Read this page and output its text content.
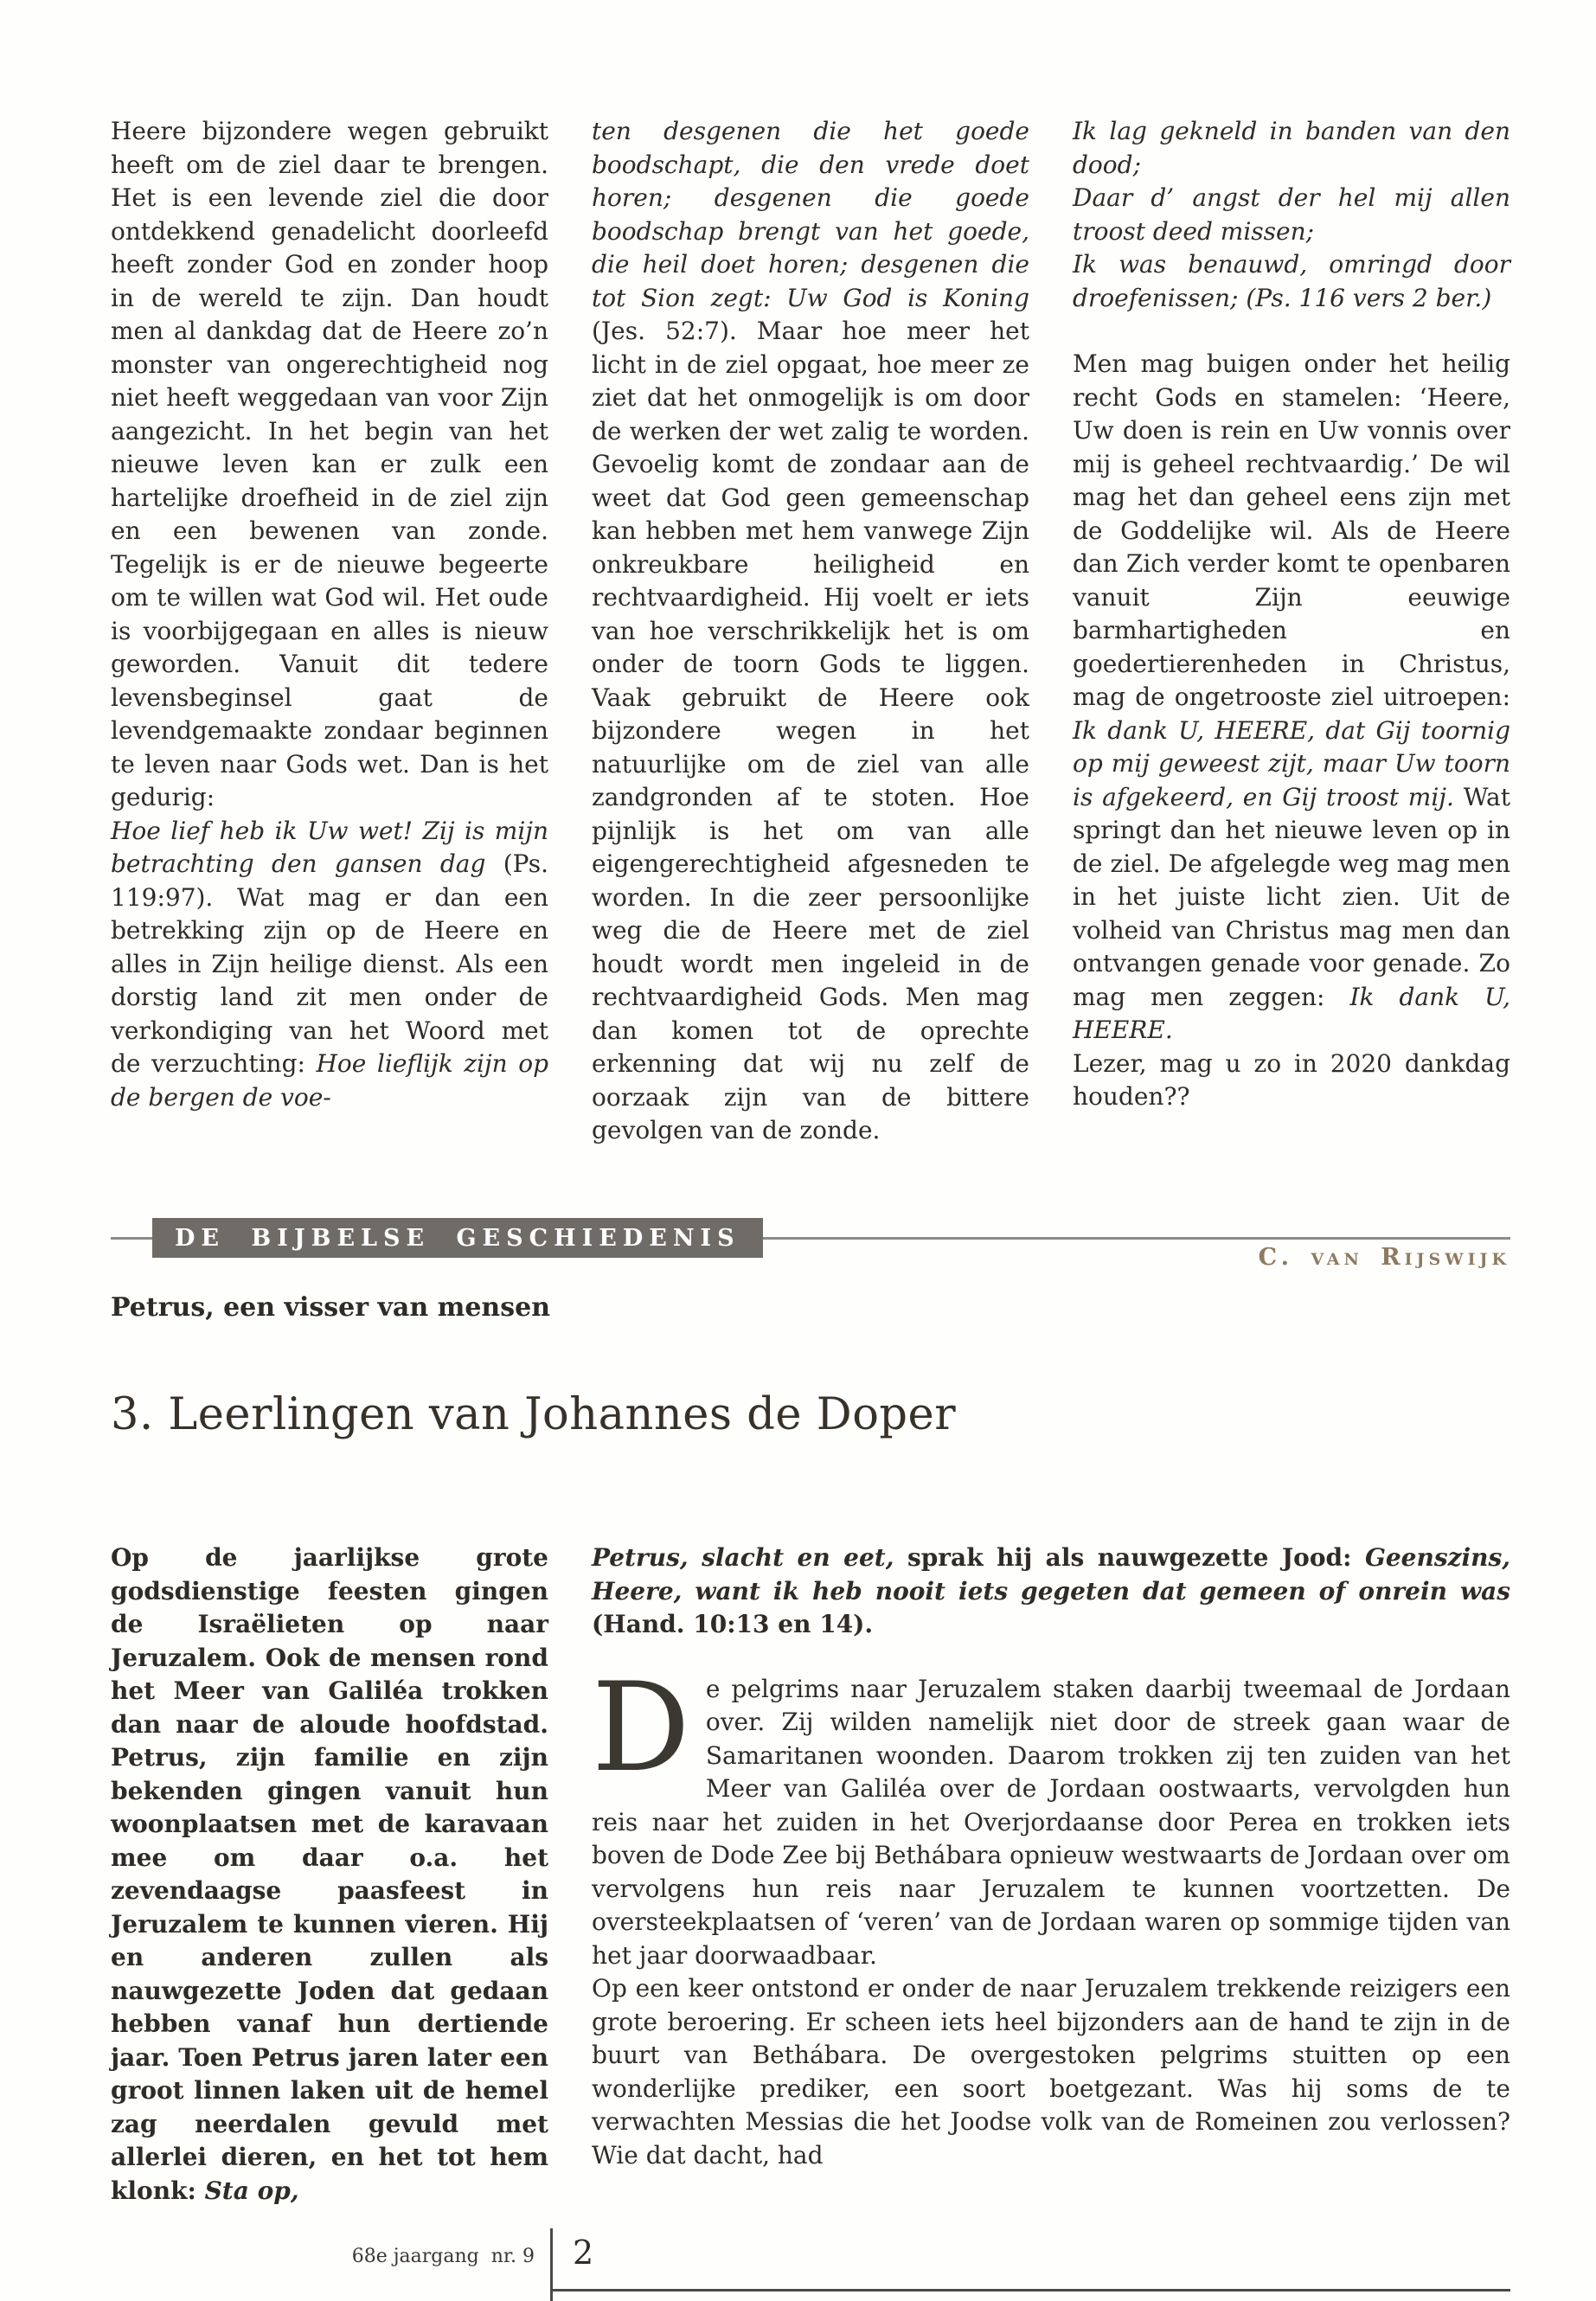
Heere bijzondere wegen gebruikt heeft om de ziel daar te brengen. Het is een levende ziel die door ontdekkend genadelicht doorleefd heeft zonder God en zonder hoop in de wereld te zijn. Dan houdt men al dankdag dat de Heere zo’n monster van ongerechtigheid nog niet heeft weggedaan van voor Zijn aangezicht. In het begin van het nieuwe leven kan er zulk een hartelijke droefheid in de ziel zijn en een bewenen van zonde. Tegelijk is er de nieuwe begeerte om te willen wat God wil. Het oude is voorbijgegaan en alles is nieuw geworden. Vanuit dit tedere levensbeginsel gaat de levendgemaakte zondaar beginnen te leven naar Gods wet. Dan is het gedurig:
Hoe lief heb ik Uw wet! Zij is mijn betrachting den gansen dag (Ps. 119:97). Wat mag er dan een betrekking zijn op de Heere en alles in Zijn heilige dienst. Als een dorstig land zit men onder de verkondiging van het Woord met de verzuchting: Hoe lieflijk zijn op de bergen de voe-

ten desgenen die het goede boodschapt, die den vrede doet horen; desgenen die goede boodschap brengt van het goede, die heil doet horen; desgenen die tot Sion zegt: Uw God is Koning (Jes. 52:7). Maar hoe meer het licht in de ziel opgaat, hoe meer ze ziet dat het onmogelijk is om door de werken der wet zalig te worden. Gevoelig komt de zondaar aan de weet dat God geen gemeenschap kan hebben met hem vanwege Zijn onkreukbare heiligheid en rechtvaardigheid. Hij voelt er iets van hoe verschrikkelijk het is om onder de toorn Gods te liggen. Vaak gebruikt de Heere ook bijzondere wegen in het natuurlijke om de ziel van alle zandgronden af te stoten. Hoe pijnlijk is het om van alle eigengerechtigheid afgesneden te worden. In die zeer persoonlijke weg die de Heere met de ziel houdt wordt men ingeleid in de rechtvaardigheid Gods. Men mag dan komen tot de oprechte erkenning dat wij nu zelf de oorzaak zijn van de bittere gevolgen van de zonde.

Ik lag gekneld in banden van den dood;
Daar d’ angst der hel mij allen troost deed missen;
Ik was benauwd, omringd door droefenissen; (Ps. 116 vers 2 ber.)

Men mag buigen onder het heilig recht Gods en stamelen: ‘Heere, Uw doen is rein en Uw vonnis over mij is geheel rechtvaardig.’ De wil mag het dan geheel eens zijn met de Goddelijke wil. Als de Heere dan Zich verder komt te openbaren vanuit Zijn eeuwige barmhartigheden en goedertierenheden in Christus, mag de ongetrooste ziel uitroepen: Ik dank U, HEERE, dat Gij toornig op mij geweest zijt, maar Uw toorn is afgekeerd, en Gij troost mij. Wat springt dan het nieuwe leven op in de ziel. De afgelegde weg mag men in het juiste licht zien. Uit de volheid van Christus mag men dan ontvangen genade voor genade. Zo mag men zeggen: Ik dank U, HEERE.
Lezer, mag u zo in 2020 dankdag houden??

DE BIJBELSE GESCHIEDENIS
C. van Rijswijk
Petrus, een visser van mensen
3. Leerlingen van Johannes de Doper

Op de jaarlijkse grote godsdienstige feesten gingen de Israëlieten op naar Jeruzalem. Ook de mensen rond het Meer van Galiléa trokken dan naar de aloude hoofdstad. Petrus, zijn familie en zijn bekenden gingen vanuit hun woonplaatsen met de karavaan mee om daar o.a. het zevendaagse paasfeest in Jeruzalem te kunnen vieren. Hij en anderen zullen als nauwgezette Joden dat gedaan hebben vanaf hun dertiende jaar. Toen Petrus jaren later een groot linnen laken uit de hemel zag neerdalen gevuld met allerlei dieren, en het tot hem klonk: Sta op,

Petrus, slacht en eet, sprak hij als nauwgezette Jood: Geenszins, Heere, want ik heb nooit iets gegeten dat gemeen of onrein was (Hand. 10:13 en 14).

De pelgrims naar Jeruzalem staken daarbij tweemaal de Jordaan over. Zij wilden namelijk niet door de streek gaan waar de Samaritanen woonden. Daarom trokken zij ten zuiden van het Meer van Galiléa over de Jordaan oostwaarts, vervolgden hun reis naar het zuiden in het Overjordaanse door Perea en trokken iets boven de Dode Zee bij Bethábara opnieuw westwaarts de Jordaan over om vervolgens hun reis naar Jeruzalem te kunnen voortzetten. De oversteekplaatsen of ‘veren’ van de Jordaan waren op sommige tijden van het jaar doorwaadbaar.
Op een keer ontstond er onder de naar Jeruzalem trekkende reizigers een grote beroering. Er scheen iets heel bijzonders aan de hand te zijn in de buurt van Bethábara. De overgestoken pelgrims stuitten op een wonderlijke prediker, een soort boetgezant. Was hij soms de te verwachten Messias die het Joodse volk van de Romeinen zou verlossen? Wie dat dacht, had

68e jaargang nr. 9 2
